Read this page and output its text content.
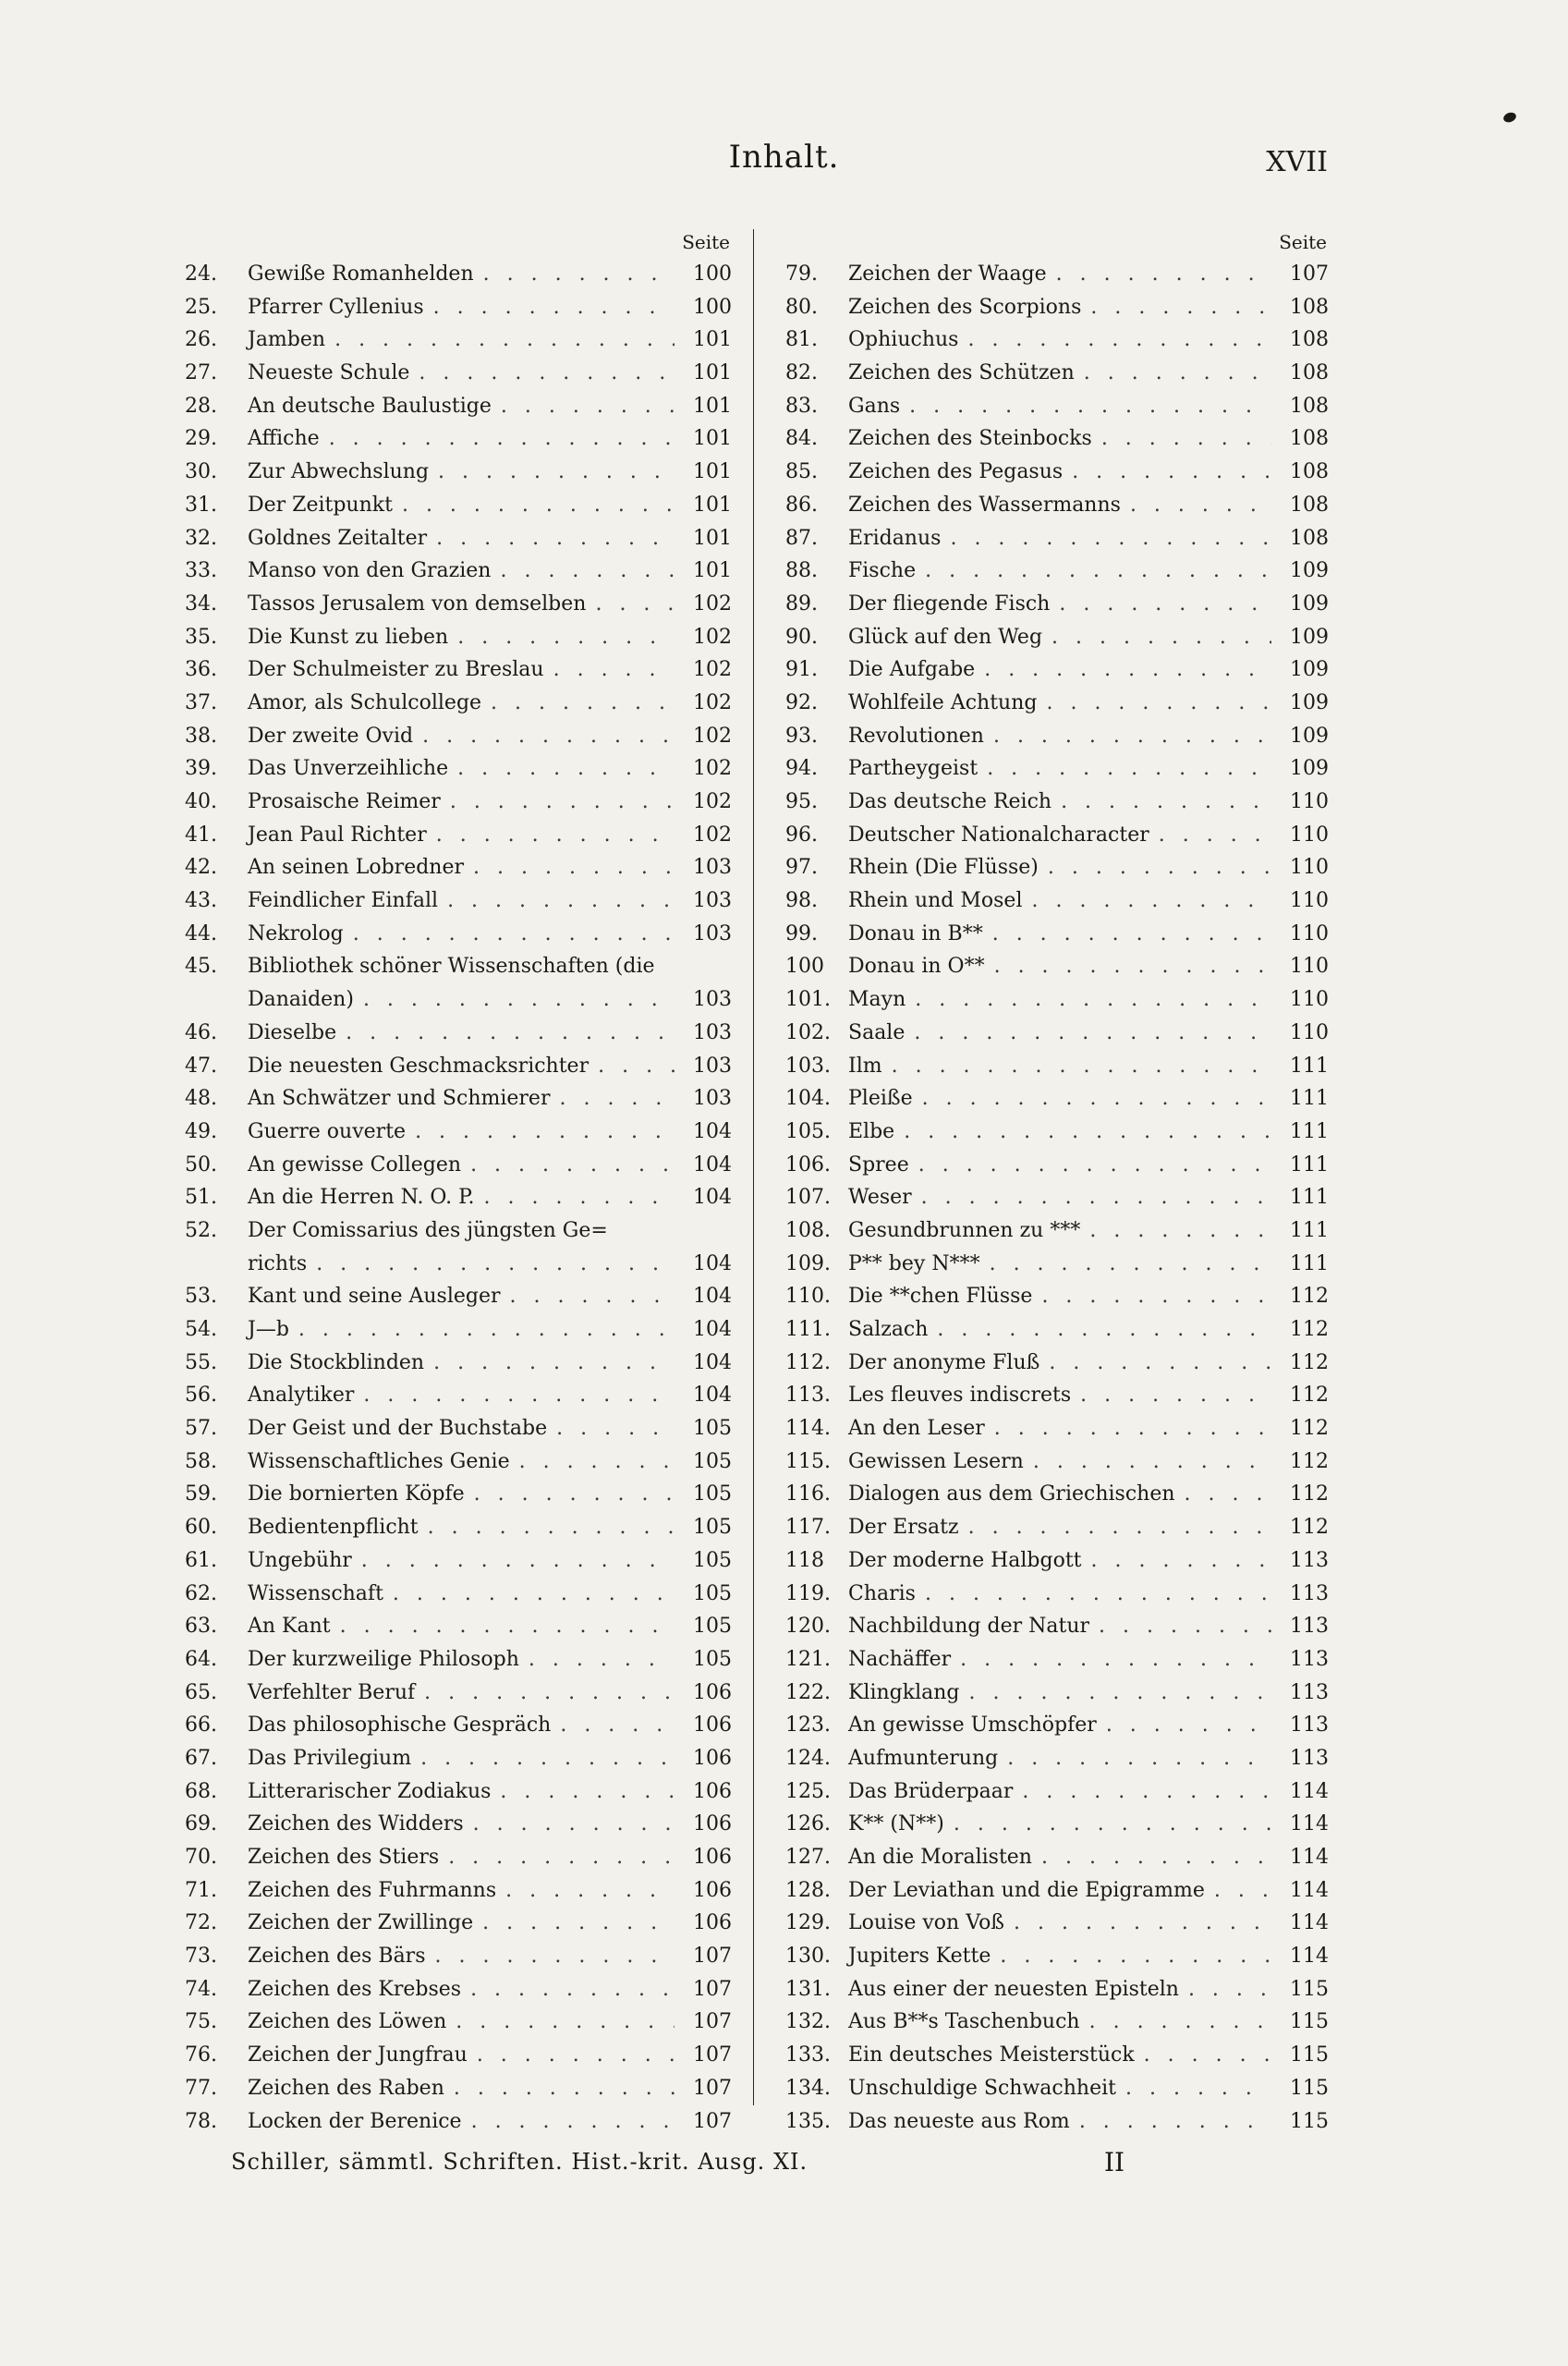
Inhalt.	XVII
Seite
24.	Gewiße Romanhelden . . .	100
25.	Pfarrer Cyllenius . . .	100
26.	Jamben . . .	101
27.	Neueste Schule . . .	101
28.	An deutsche Baulustige . . .	101
29.	Affiche . . .	101
30.	Zur Abwechslung . . .	101
31.	Der Zeitpunkt . . .	101
32.	Goldnes Zeitalter . . .	101
33.	Manso von den Grazien . . .	101
34.	Tassos Jerusalem von demselben . . .	102
35.	Die Kunst zu lieben . . .	102
36.	Der Schulmeister zu Breslau . . .	102
37.	Amor, als Schulcollege . . .	102
38.	Der zweite Ovid . . .	102
39.	Das Unverzeihliche . . .	102
40.	Prosaische Reimer . . .	102
41.	Jean Paul Richter . . .	102
42.	An seinen Lobredner . . .	103
43.	Feindlicher Einfall . . .	103
44.	Nekrolog . . .	103
45.	Bibliothek schöner Wissenschaften (die
Danaiden) . . .	103
46.	Dieselbe . . .	103
47.	Die neuesten Geschmacksrichter . . .	103
48.	An Schwätzer und Schmierer . . .	103
49.	Guerre ouverte . . .	104
50.	An gewisse Collegen . . .	104
51.	An die Herren N. O. P. . . .	104
52.	Der Comissarius des jüngsten Ge=
richts . . .	104
53.	Kant und seine Ausleger . . .	104
54.	J—b . . .	104
55.	Die Stockblinden . . .	104
56.	Analytiker . . .	104
57.	Der Geist und der Buchstabe . . .	105
58.	Wissenschaftliches Genie . . .	105
59.	Die bornierten Köpfe . . .	105
60.	Bedientenpflicht . . .	105
61.	Ungebühr . . .	105
62.	Wissenschaft . . .	105
63.	An Kant . . .	105
64.	Der kurzweilige Philosoph . . .	105
65.	Verfehlter Beruf . . .	106
66.	Das philosophische Gespräch . . .	106
67.	Das Privilegium . . .	106
68.	Litterarischer Zodiakus . . .	106
69.	Zeichen des Widders . . .	106
70.	Zeichen des Stiers . . .	106
71.	Zeichen des Fuhrmanns . . .	106
72.	Zeichen der Zwillinge . . .	106
73.	Zeichen des Bärs . . .	107
74.	Zeichen des Krebses . . .	107
75.	Zeichen des Löwen . . .	107
76.	Zeichen der Jungfrau . . .	107
77.	Zeichen des Raben . . .	107
78.	Locken der Berenice . . .	107
Seite
79.	Zeichen der Waage . . .	107
80.	Zeichen des Scorpions . . .	108
81.	Ophiuchus . . .	108
82.	Zeichen des Schützen . . .	108
83.	Gans . . .	108
84.	Zeichen des Steinbocks . . .	108
85.	Zeichen des Pegasus . . .	108
86.	Zeichen des Wassermanns . . .	108
87.	Eridanus . . .	108
88.	Fische . . .	109
89.	Der fliegende Fisch . . .	109
90.	Glück auf den Weg . . .	109
91.	Die Aufgabe . . .	109
92.	Wohlfeile Achtung . . .	109
93.	Revolutionen . . .	109
94.	Partheygeist . . .	109
95.	Das deutsche Reich . . .	110
96.	Deutscher Nationalcharacter . . .	110
97.	Rhein (Die Flüsse) . . .	110
98.	Rhein und Mosel . . .	110
99.	Donau in B** . . .	110
100	Donau in O** . . .	110
101. Mayn . . .	110
102. Saale . . .	110
103. Ilm . . .	111
104. Pleiße . . .	111
105. Elbe . . .	111
106. Spree . . .	111
107. Weser . . .	111
108. Gesundbrunnen zu *** . . .	111
109. P** bey N*** . . .	111
110. Die **chen Flüsse . . .	112
111. Salzach . . .	112
112. Der anonyme Fluß . . .	112
113. Les fleuves indiscrets . . .	112
114. An den Leser . . .	112
115. Gewissen Lesern . . .	112
116. Dialogen aus dem Griechischen . . .	112
117. Der Ersatz . . .	112
118	Der moderne Halbgott . . .	113
119. Charis . . .	113
120. Nachbildung der Natur . . .	113
121. Nachäffer . . .	113
122. Klingklang . . .	113
123. An gewisse Umschöpfer . . .	113
124. Aufmunterung . . .	113
125. Das Brüderpaar . . .	114
126. K** (N**) . . .	114
127. An die Moralisten . . .	114
128. Der Leviathan und die Epigramme . . .	114
129. Louise von Voß . . .	114
130. Jupiters Kette . . .	114
131. Aus einer der neuesten Episteln . . .	115
132. Aus B**s Taschenbuch . . .	115
133. Ein deutsches Meisterstück . . .	115
134. Unschuldige Schwachheit . . .	115
135. Das neueste aus Rom . . .	115
Schiller, sämmtl. Schriften. Hist.-krit. Ausg. XI.	II
